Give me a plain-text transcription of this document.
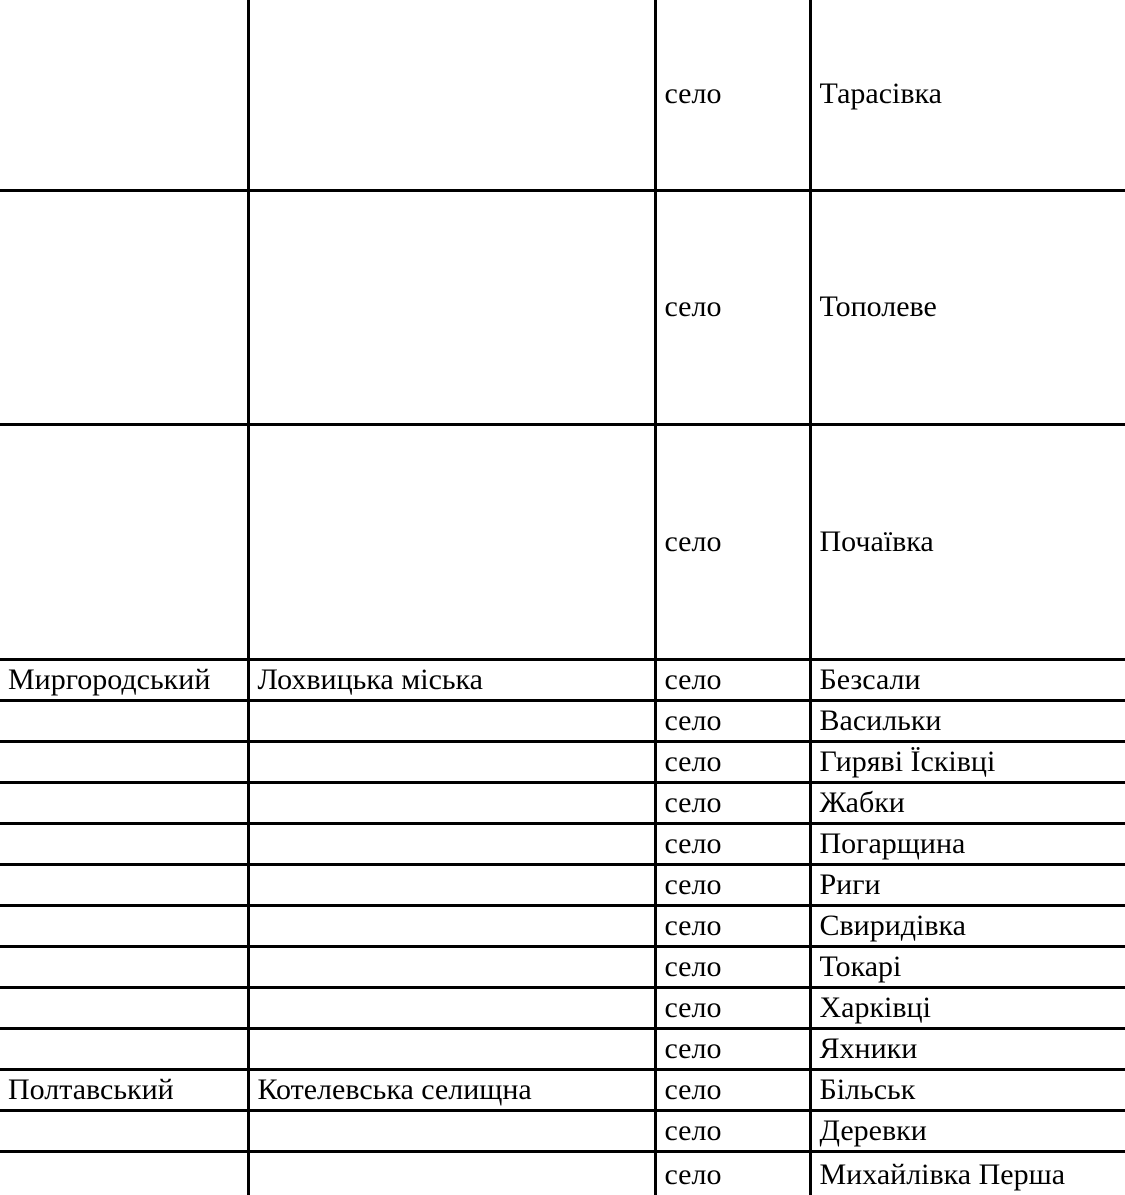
		село	Тарасівка
		село	Тополеве
		село	Почаївка
Миргородський	Лохвицька міська	село	Безсали
		село	Васильки
		село	Гиряві Їсківці
		село	Жабки
		село	Погарщина
		село	Риги
		село	Свиридівка
		село	Токарі
		село	Харківці
		село	Яхники
Полтавський	Котелевська селищна	село	Більськ
		село	Деревки
		село	Михайлівка Перша
